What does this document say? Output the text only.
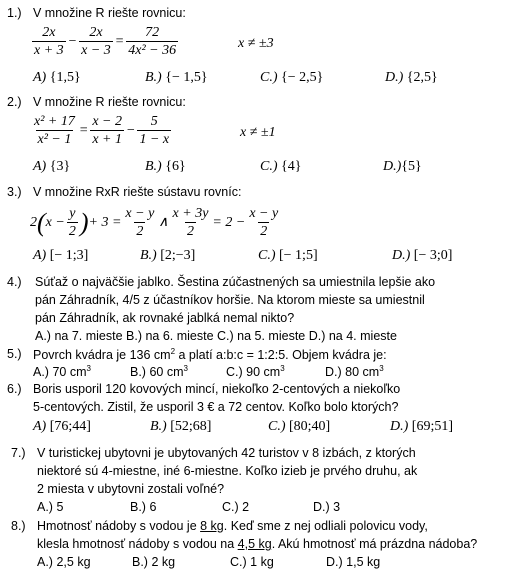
1.) V množine R riešte rovnicu:
$\frac{2x}{x + 3} - \frac{2x}{x - 3} = \frac{72}{\text{4x² − 36}}$	x ≠ ±3
A) {1,5}	B.) {− 1,5}	C.) {− 2,5}	D.) {2,5}
2.) V množine R riešte rovnicu:
$\frac{\text{x² + 17}}{\text{x² − 1}} = \frac{x - 2}{x + 1} - \frac{5}{1 - x}$	x ≠ ±1
A) {3}	B.) {6}	C.) {4}	D.){5}
3.) V množine RxR riešte sústavu rovníc:
2 ( $x - \frac{y}{2}$ ) + $3 = \frac{x - y}{2}$ ∧ $\frac{x + 3y}{2} = 2 - \frac{x - y}{2}$
A) [− 1;3]	B.) [2;−3]	C.) [− 1;5]	D.) [− 3;0]
4.) Súťaž o najväčšie jablko. Šestina zúčastnených sa umiestnila lepšie ako
pán Záhradník, 4/5 z účastníkov horšie. Na ktorom mieste sa umiestnil
pán Záhradník, ak rovnaké jablká nemal nikto?
A.) na 7. mieste B.) na 6. mieste C.) na 5. mieste D.) na 4. mieste
5.) Povrch kvádra je 136 $cm^2$ a platí a:b:c = 1:2:5. Objem kvádra je:
A.) 70 $cm^3$	B.) 60 $cm^3$	C.) 90 $cm^3$	D.) 80 $cm^3$
6.) Boris usporil 120 kovových mincí, niekoľko 2-centových a niekoľko
5-centových. Zistil, že usporil 3 € a 72 centov. Koľko bolo ktorých?
A) [76;44]	B.) [52;68]	C.) [80;40]	D.) [69;51]
7.) V turistickej ubytovni je ubytovaných 42 turistov v 8 izbách, z ktorých
niektoré sú 4-miestne, iné 6-miestne. Koľko izieb je prvého druhu, ak
2 miesta v ubytovni zostali voľné?
A.) 5	B.) 6	C.) 2	D.) 3
8.) Hmotnosť nádoby s vodou je 8 kg. Keď sme z nej odliali polovicu vody,
klesla hmotnosť nádoby s vodou na 4,5 kg. Akú hmotnosť má prázdna nádoba?
A.) 2,5 kg	B.) 2 kg	C.) 1 kg	D.) 1,5 kg
